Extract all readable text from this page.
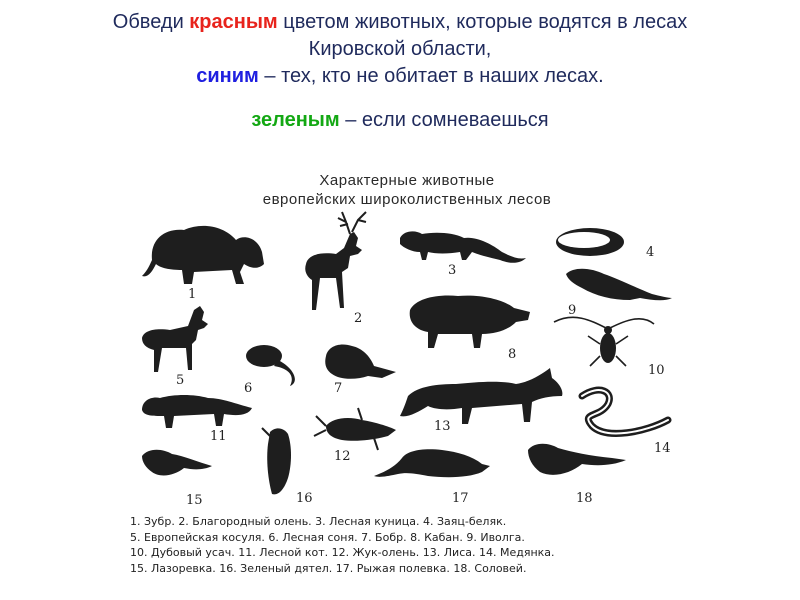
Обведи красным цветом животных, которые водятся в лесах
Кировской области,
синим – тех, кто не обитает в наших лесах.
зеленым – если сомневаешься
Характерные животные
европейских широколиственных лесов
1
2
3
4
9
5
6	7
8
10
11
12
13
14
15	16	17	18
1. Зубр. 2. Благородный олень. 3. Лесная куница. 4. Заяц-беляк.
5. Европейская косуля. 6. Лесная соня. 7. Бобр. 8. Кабан. 9. Иволга.
10. Дубовый усач. 11. Лесной кот. 12. Жук-олень. 13. Лиса. 14. Медянка.
15. Лазоревка. 16. Зеленый дятел. 17. Рыжая полевка. 18. Соловей.
